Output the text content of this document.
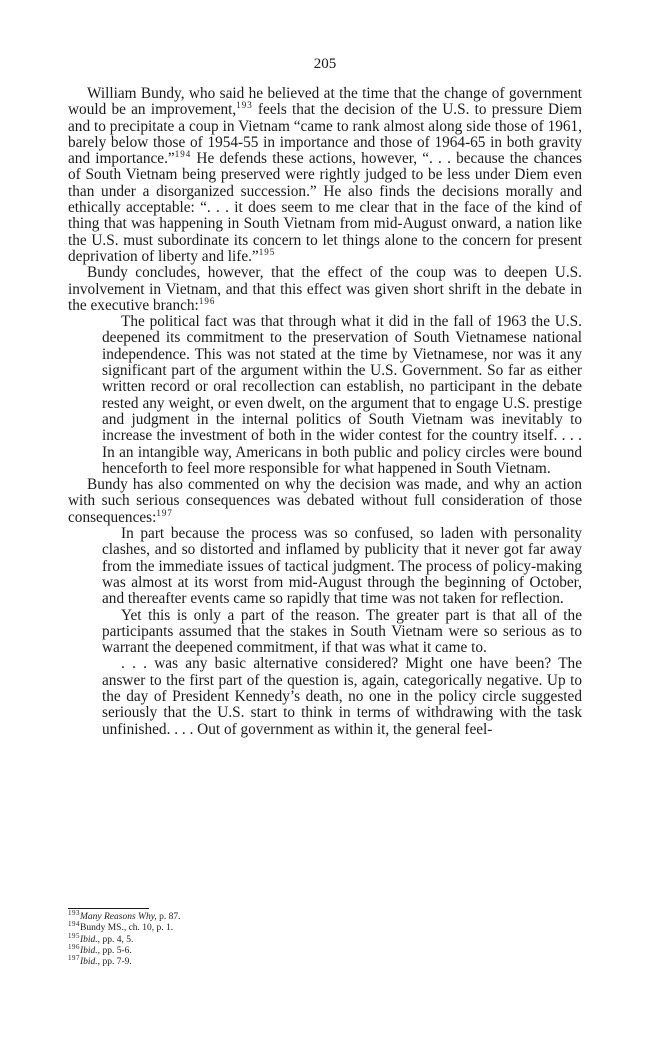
205

William Bundy, who said he believed at the time that the change of government would be an improvement,$^{193}$ feels that the decision of the U.S. to pressure Diem and to precipitate a coup in Vietnam “came to rank almost along side those of 1961, barely below those of 1954-55 in importance and those of 1964-65 in both gravity and importance.”$^{194}$ He defends these actions, however, “. . . because the chances of South Vietnam being preserved were rightly judged to be less under Diem even than under a disorganized succession.” He also finds the decisions morally and ethically acceptable: “. . . it does seem to me clear that in the face of the kind of thing that was happening in South Vietnam from mid-August onward, a nation like the U.S. must subordinate its concern to let things alone to the concern for present deprivation of liberty and life.”$^{195}$

Bundy concludes, however, that the effect of the coup was to deepen U.S. involvement in Vietnam, and that this effect was given short shrift in the debate in the executive branch:$^{196}$

The political fact was that through what it did in the fall of 1963 the U.S. deepened its commitment to the preservation of South Vietnamese national independence. This was not stated at the time by Vietnamese, nor was it any significant part of the argument within the U.S. Government. So far as either written record or oral recollection can establish, no participant in the debate rested any weight, or even dwelt, on the argument that to engage U.S. prestige and judgment in the internal politics of South Vietnam was inevitably to increase the investment of both in the wider contest for the country itself. . . . In an intangible way, Americans in both public and policy circles were bound henceforth to feel more responsible for what happened in South Vietnam.

Bundy has also commented on why the decision was made, and why an action with such serious consequences was debated without full consideration of those consequences:$^{197}$

In part because the process was so confused, so laden with personality clashes, and so distorted and inflamed by publicity that it never got far away from the immediate issues of tactical judgment. The process of policy-making was almost at its worst from mid-August through the beginning of October, and thereafter events came so rapidly that time was not taken for reflection.

Yet this is only a part of the reason. The greater part is that all of the participants assumed that the stakes in South Vietnam were so serious as to warrant the deepened commitment, if that was what it came to.

. . . was any basic alternative considered? Might one have been? The answer to the first part of the question is, again, categorically negative. Up to the day of President Kennedy’s death, no one in the policy circle suggested seriously that the U.S. start to think in terms of withdrawing with the task unfinished. . . . Out of government as within it, the general feel-

$^{193}$Many Reasons Why, p. 87.
$^{194}$Bundy MS., ch. 10, p. 1.
$^{195}$Ibid., pp. 4, 5.
$^{196}$Ibid., pp. 5-6.
$^{197}$Ibid., pp. 7-9.
